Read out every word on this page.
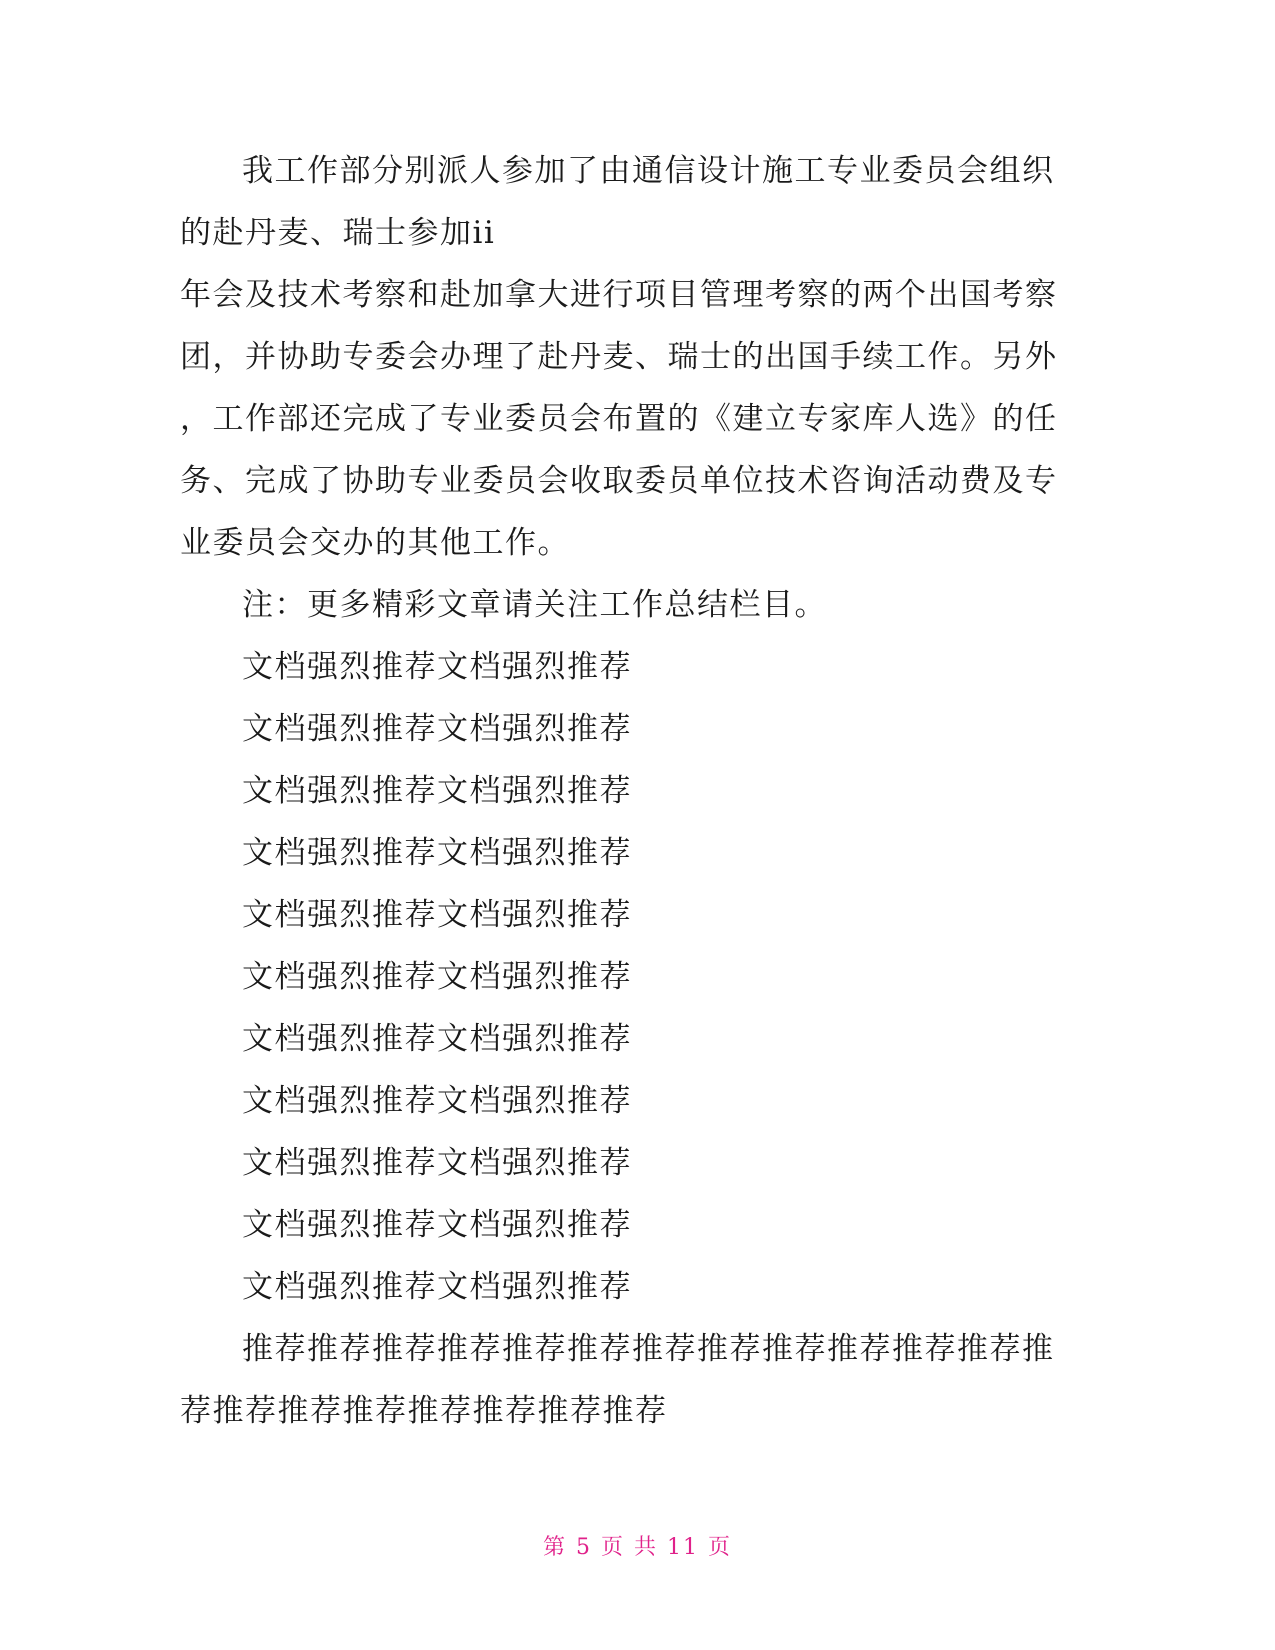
我工作部分别派人参加了由通信设计施工专业委员会组织
的赴丹麦、瑞士参加ii
年会及技术考察和赴加拿大进行项目管理考察的两个出国考察
团，并协助专委会办理了赴丹麦、瑞士的出国手续工作。另外
，工作部还完成了专业委员会布置的《建立专家库人选》的任
务、完成了协助专业委员会收取委员单位技术咨询活动费及专
业委员会交办的其他工作。
注：更多精彩文章请关注工作总结栏目。
文档强烈推荐文档强烈推荐
文档强烈推荐文档强烈推荐
文档强烈推荐文档强烈推荐
文档强烈推荐文档强烈推荐
文档强烈推荐文档强烈推荐
文档强烈推荐文档强烈推荐
文档强烈推荐文档强烈推荐
文档强烈推荐文档强烈推荐
文档强烈推荐文档强烈推荐
文档强烈推荐文档强烈推荐
文档强烈推荐文档强烈推荐
推荐推荐推荐推荐推荐推荐推荐推荐推荐推荐推荐推荐推
荐推荐推荐推荐推荐推荐推荐推荐
第 5 页 共 11 页
